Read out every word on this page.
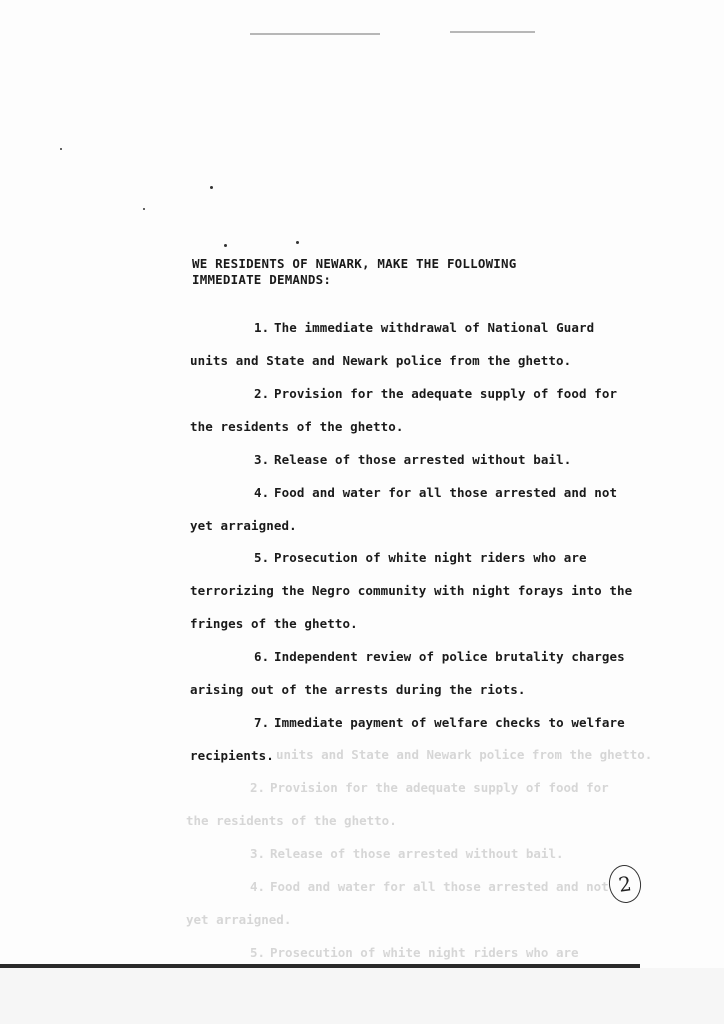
WE RESIDENTS OF NEWARK, MAKE THE FOLLOWING
IMMEDIATE DEMANDS:
1. The immediate withdrawal of National Guard
units and State and Newark police from the ghetto.
2. Provision for the adequate supply of food for
the residents of the ghetto.
3. Release of those arrested without bail.
4. Food and water for all those arrested and not
yet arraigned.
5. Prosecution of white night riders who are
terrorizing the Negro community with night forays into the
fringes of the ghetto.
6. Independent review of police brutality charges
arising out of the arrests during the riots.
7. Immediate payment of welfare checks to welfare
recipients. units and State and Newark police from the ghetto.
2. Provision for the adequate supply of food for
the residents of the ghetto.
3. Release of those arrested without bail.
4. Food and water for all those arrested and not
yet arraigned.
5. Prosecution of white night riders who are
2
